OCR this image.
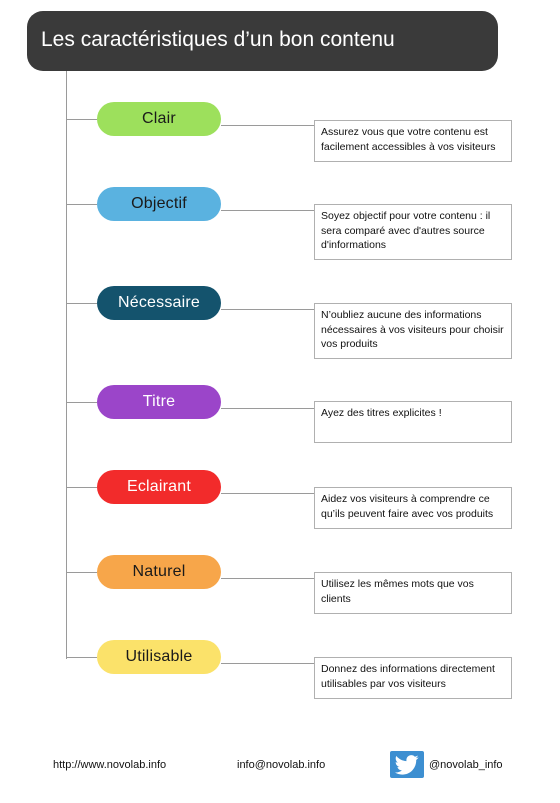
Les caractéristiques d’un bon contenu
Clair
Assurez vous que votre contenu est facilement accessibles à vos visiteurs
Objectif
Soyez objectif pour votre contenu : il sera comparé avec d'autres source d'informations
Nécessaire
N’oubliez aucune des informations nécessaires à vos visiteurs pour choisir vos produits
Titre
Ayez des titres explicites !
Eclairant
Aidez vos visiteurs à comprendre ce qu’ils peuvent faire avec vos produits
Naturel
Utilisez les mêmes mots que vos clients
Utilisable
Donnez des informations directement utilisables par vos visiteurs
http://www.novolab.info	info@novolab.info	@novolab_info
